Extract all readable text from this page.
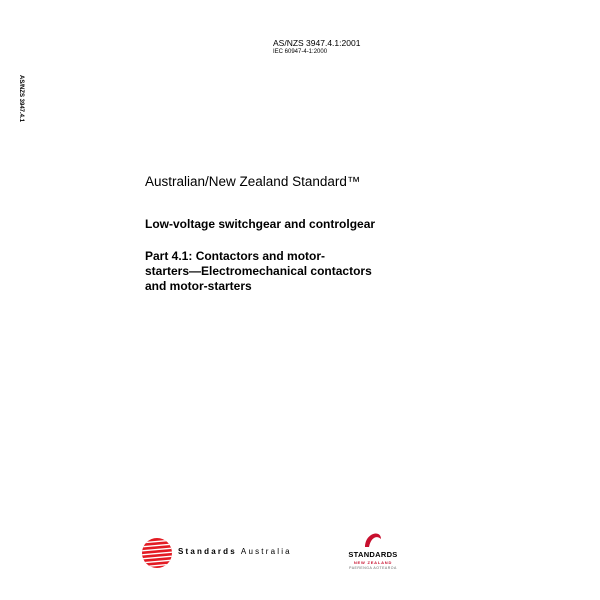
AS/NZS 3947.4.1
AS/NZS 3947.4.1:2001
IEC 60947-4-1:2000
Australian/New Zealand Standard™
Low-voltage switchgear and controlgear
Part 4.1: Contactors and motor-
starters—Electromechanical contactors
and motor-starters
Standards Australia	STANDARDS
NEW ZEALAND
PAERENGA AOTEAROA
